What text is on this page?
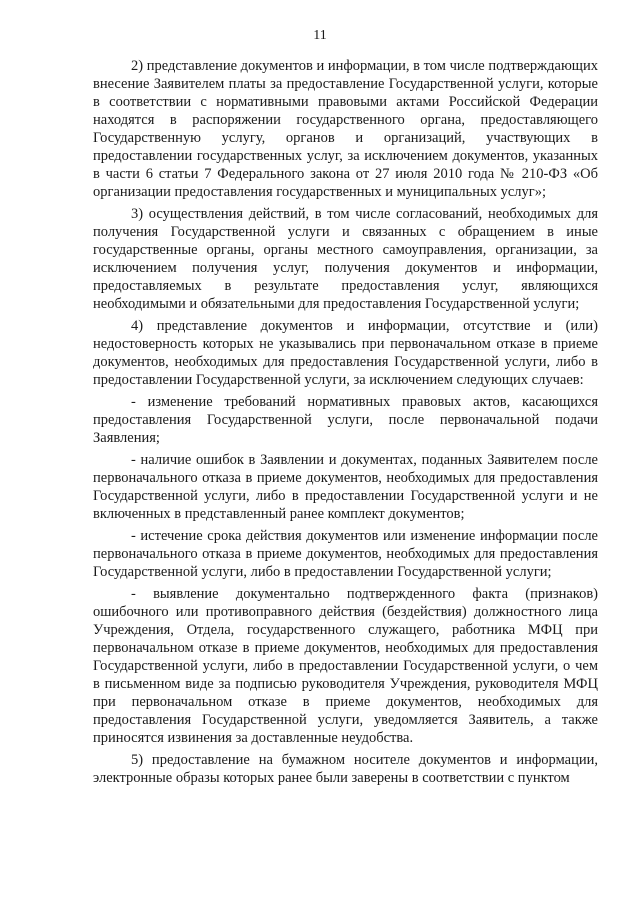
11

2) представление документов и информации, в том числе подтверждающих внесение Заявителем платы за предоставление Государственной услуги, которые в соответствии с нормативными правовыми актами Российской Федерации находятся в распоряжении государственного органа, предоставляющего Государственную услугу, органов и организаций, участвующих в предоставлении государственных услуг, за исключением документов, указанных в части 6 статьи 7 Федерального закона от 27 июля 2010 года № 210-ФЗ «Об организации предоставления государственных и муниципальных услуг»;

3) осуществления действий, в том числе согласований, необходимых для получения Государственной услуги и связанных с обращением в иные государственные органы, органы местного самоуправления, организации, за исключением получения услуг, получения документов и информации, предоставляемых в результате предоставления услуг, являющихся необходимыми и обязательными для предоставления Государственной услуги;

4) представление документов и информации, отсутствие и (или) недостоверность которых не указывались при первоначальном отказе в приеме документов, необходимых для предоставления Государственной услуги, либо в предоставлении Государственной услуги, за исключением следующих случаев:

- изменение требований нормативных правовых актов, касающихся предоставления Государственной услуги, после первоначальной подачи Заявления;

- наличие ошибок в Заявлении и документах, поданных Заявителем после первоначального отказа в приеме документов, необходимых для предоставления Государственной услуги, либо в предоставлении Государственной услуги и не включенных в представленный ранее комплект документов;

- истечение срока действия документов или изменение информации после первоначального отказа в приеме документов, необходимых для предоставления Государственной услуги, либо в предоставлении Государственной услуги;

- выявление документально подтвержденного факта (признаков) ошибочного или противоправного действия (бездействия) должностного лица Учреждения, Отдела, государственного служащего, работника МФЦ при первоначальном отказе в приеме документов, необходимых для предоставления Государственной услуги, либо в предоставлении Государственной услуги, о чем в письменном виде за подписью руководителя Учреждения, руководителя МФЦ при первоначальном отказе в приеме документов, необходимых для предоставления Государственной услуги, уведомляется Заявитель, а также приносятся извинения за доставленные неудобства.

5) предоставление на бумажном носителе документов и информации, электронные образы которых ранее были заверены в соответствии с пунктом
